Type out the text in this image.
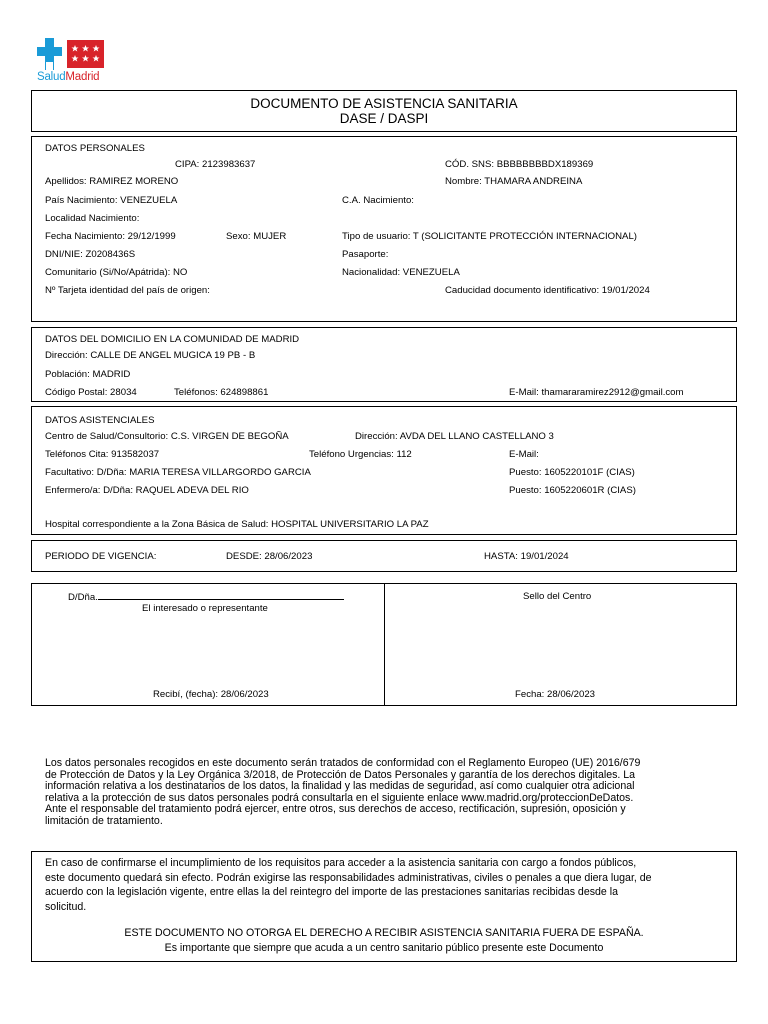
SaludMadrid
DOCUMENTO DE ASISTENCIA SANITARIA
DASE / DASPI
DATOS PERSONALES
CIPA: 2123983637	CÓD. SNS: BBBBBBBBDX189369
Apellidos: RAMIREZ MORENO	Nombre: THAMARA ANDREINA
País Nacimiento: VENEZUELA	C.A. Nacimiento:
Localidad Nacimiento:
Fecha Nacimiento: 29/12/1999	Sexo: MUJER	Tipo de usuario: T (SOLICITANTE PROTECCIÓN INTERNACIONAL)
DNI/NIE: Z0208436S	Pasaporte:
Comunitario (Si/No/Apátrida): NO	Nacionalidad: VENEZUELA
Nº Tarjeta identidad del país de origen:	Caducidad documento identificativo: 19/01/2024
DATOS DEL DOMICILIO EN LA COMUNIDAD DE MADRID
Dirección: CALLE DE ANGEL MUGICA 19 PB - B
Población: MADRID
Código Postal: 28034	Teléfonos: 624898861	E-Mail: thamararamirez2912@gmail.com
DATOS ASISTENCIALES
Centro de Salud/Consultorio: C.S. VIRGEN DE BEGOÑA	Dirección: AVDA DEL LLANO CASTELLANO 3
Teléfonos Cita: 913582037	Teléfono Urgencias: 112	E-Mail:
Facultativo: D/Dña: MARIA TERESA VILLARGORDO GARCIA	Puesto: 1605220101F (CIAS)
Enfermero/a: D/Dña: RAQUEL ADEVA DEL RIO	Puesto: 1605220601R (CIAS)
Hospital correspondiente a la Zona Básica de Salud: HOSPITAL UNIVERSITARIO LA PAZ
PERIODO DE VIGENCIA:	DESDE: 28/06/2023	HASTA: 19/01/2024
D/Dña.
El interesado o representante
Recibí, (fecha): 28/06/2023
Sello del Centro
Fecha: 28/06/2023
Los datos personales recogidos en este documento serán tratados de conformidad con el Reglamento Europeo (UE) 2016/679
de Protección de Datos y la Ley Orgánica 3/2018, de Protección de Datos Personales y garantía de los derechos digitales. La
información relativa a los destinatarios de los datos, la finalidad y las medidas de seguridad, así como cualquier otra adicional
relativa a la protección de sus datos personales podrá consultarla en el siguiente enlace www.madrid.org/proteccionDeDatos.
Ante el responsable del tratamiento podrá ejercer, entre otros, sus derechos de acceso, rectificación, supresión, oposición y
limitación de tratamiento.
En caso de confirmarse el incumplimiento de los requisitos para acceder a la asistencia sanitaria con cargo a fondos públicos,
este documento quedará sin efecto. Podrán exigirse las responsabilidades administrativas, civiles o penales a que diera lugar, de
acuerdo con la legislación vigente, entre ellas la del reintegro del importe de las prestaciones sanitarias recibidas desde la
solicitud.
ESTE DOCUMENTO NO OTORGA EL DERECHO A RECIBIR ASISTENCIA SANITARIA FUERA DE ESPAÑA.
Es importante que siempre que acuda a un centro sanitario público presente este Documento
